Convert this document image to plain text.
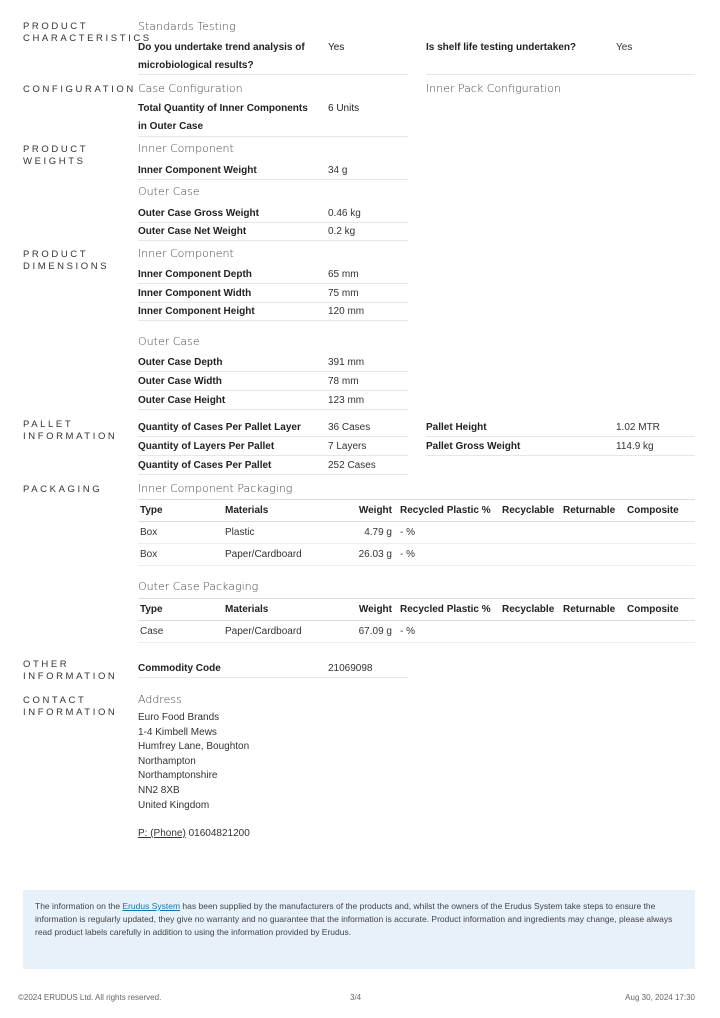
PRODUCT CHARACTERISTICS
Standards Testing
Do you undertake trend analysis of microbiological results?
Yes	Is shelf life testing undertaken?	Yes
CONFIGURATION Case Configuration	Inner Pack Configuration
Total Quantity of Inner Components in Outer Case
6 Units
PRODUCT WEIGHTS
Inner Component
Inner Component Weight	34 g
Outer Case
Outer Case Gross Weight	0.46 kg
Outer Case Net Weight	0.2 kg
PRODUCT DIMENSIONS
Inner Component
Inner Component Depth	65 mm
Inner Component Width	75 mm
Inner Component Height	120 mm
Outer Case
Outer Case Depth	391 mm
Outer Case Width	78 mm
Outer Case Height	123 mm
PALLET INFORMATION
Quantity of Cases Per Pallet Layer	36 Cases
Quantity of Layers Per Pallet	7 Layers
Quantity of Cases Per Pallet	252 Cases
Pallet Height	1.02 MTR
Pallet Gross Weight	114.9 kg
PACKAGING	Inner Component Packaging
Type	Materials	Weight	Recycled Plastic %	Recyclable	Returnable	Composite
Box	Plastic	4.79 g	- %			
Box	Paper/Cardboard	26.03 g	- %			
Outer Case Packaging
Type	Materials	Weight	Recycled Plastic %	Recyclable	Returnable	Composite
Case	Paper/Cardboard	67.09 g	- %			
OTHER INFORMATION
Commodity Code	21069098
CONTACT INFORMATION
Address
Euro Food Brands
1-4 Kimbell Mews
Humfrey Lane, Boughton
Northampton
Northamptonshire
NN2 8XB
United Kingdom
P: (Phone) 01604821200
The information on the Erudus System has been supplied by the manufacturers of the products and, whilst the owners of the Erudus System take steps to ensure the information is regularly updated, they give no warranty and no guarantee that the information is accurate. Product information and ingredients may change, please always read product labels carefully in addition to using the information provided by Erudus.
©2024 ERUDUS Ltd. All rights reserved.	3/4	Aug 30, 2024 17:30
